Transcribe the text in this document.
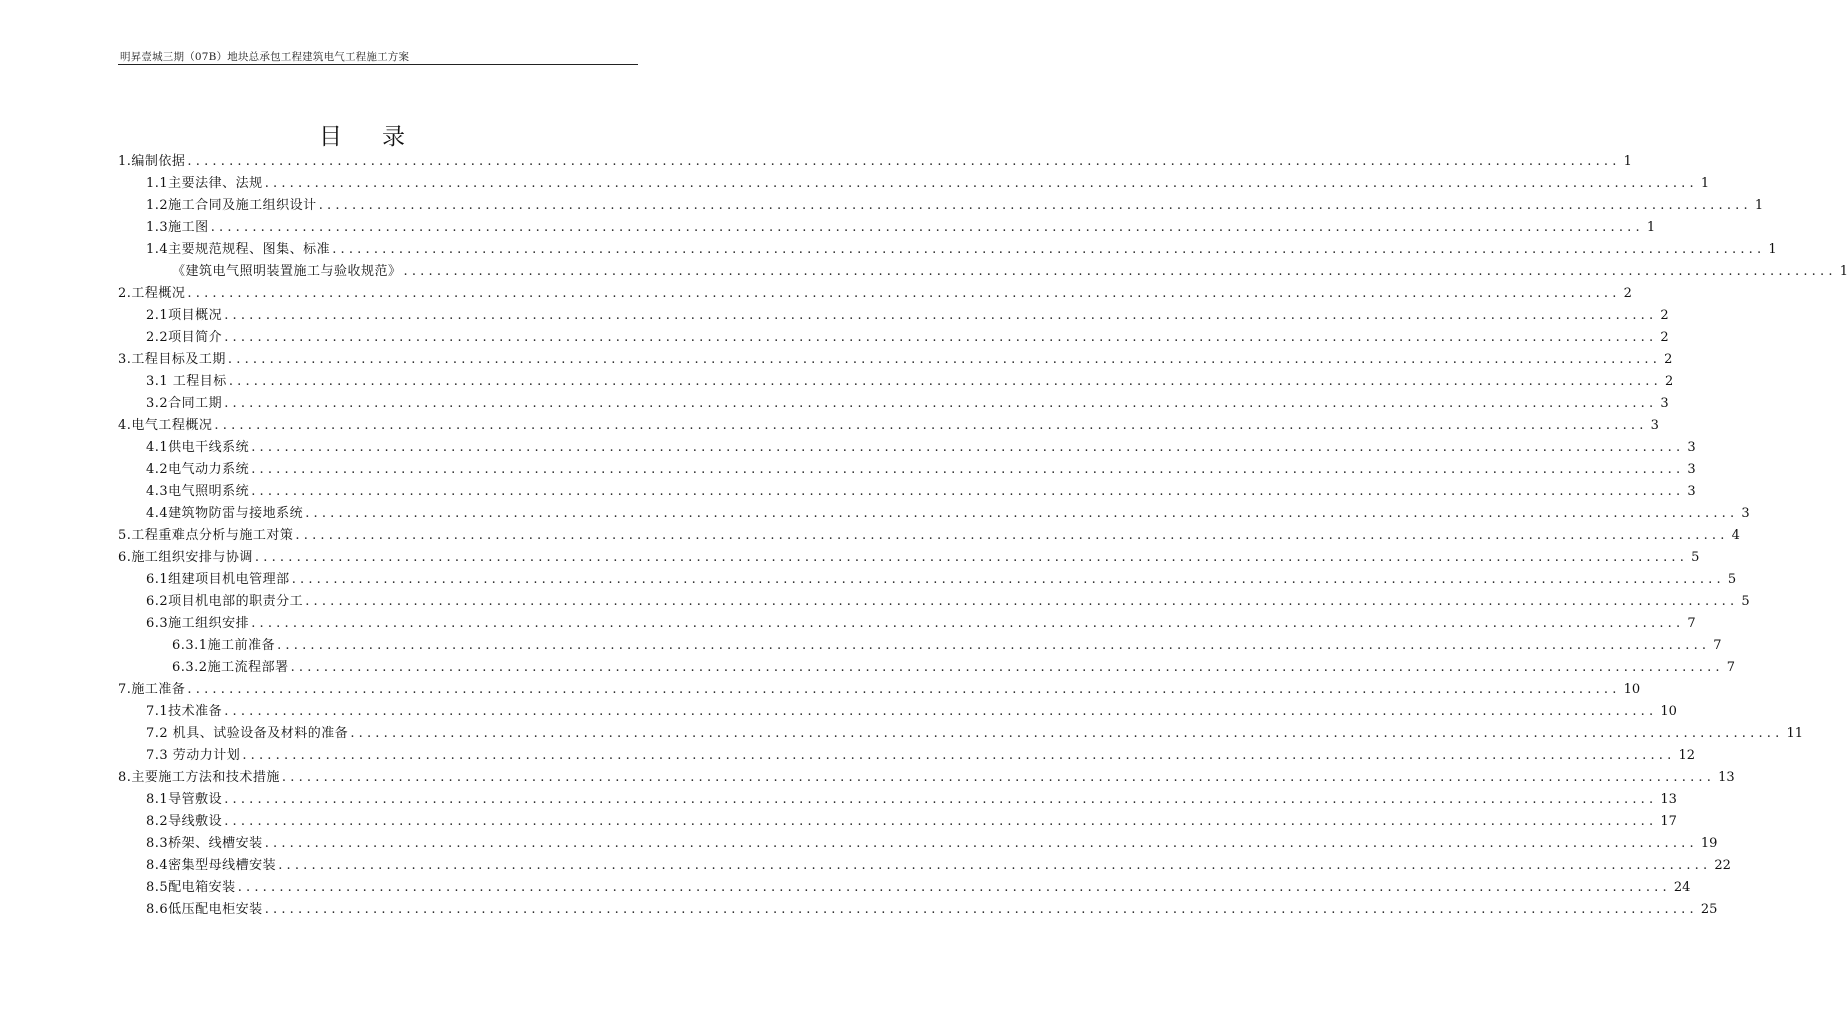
明昇壹城三期（07B）地块总承包工程建筑电气工程施工方案
目录
1.编制依据 ............................................................................................................................................................................ 1
1.1主要法律、法规 ............................................................................................................................................................................ 1
1.2施工合同及施工组织设计 ............................................................................................................................................................................ 1
1.3施工图 ............................................................................................................................................................................ 1
1.4主要规范规程、图集、标准 ............................................................................................................................................................................ 1
《建筑电气照明装置施工与验收规范》 ............................................................................................................................................................................ 1
2.工程概况 ............................................................................................................................................................................ 2
2.1项目概况 ............................................................................................................................................................................ 2
2.2项目简介 ............................................................................................................................................................................ 2
3.工程目标及工期 ............................................................................................................................................................................ 2
3.1 工程目标 ............................................................................................................................................................................ 2
3.2合同工期 ............................................................................................................................................................................ 3
4.电气工程概况 ............................................................................................................................................................................ 3
4.1供电干线系统 ............................................................................................................................................................................ 3
4.2电气动力系统 ............................................................................................................................................................................ 3
4.3电气照明系统 ............................................................................................................................................................................ 3
4.4建筑物防雷与接地系统 ............................................................................................................................................................................ 3
5.工程重难点分析与施工对策 ............................................................................................................................................................................ 4
6.施工组织安排与协调 ............................................................................................................................................................................ 5
6.1组建项目机电管理部 ............................................................................................................................................................................ 5
6.2项目机电部的职责分工 ............................................................................................................................................................................ 5
6.3施工组织安排 ............................................................................................................................................................................ 7
6.3.1施工前准备 ............................................................................................................................................................................ 7
6.3.2施工流程部署 ............................................................................................................................................................................ 7
7.施工准备 ............................................................................................................................................................................ 10
7.1技术准备 ............................................................................................................................................................................ 10
7.2 机具、试验设备及材料的准备 ............................................................................................................................................................................ 11
7.3 劳动力计划 ............................................................................................................................................................................ 12
8.主要施工方法和技术措施 ............................................................................................................................................................................ 13
8.1导管敷设 ............................................................................................................................................................................ 13
8.2导线敷设 ............................................................................................................................................................................ 17
8.3桥架、线槽安装 ............................................................................................................................................................................ 19
8.4密集型母线槽安装 ............................................................................................................................................................................ 22
8.5配电箱安装 ............................................................................................................................................................................ 24
8.6低压配电柜安装 ............................................................................................................................................................................ 25
